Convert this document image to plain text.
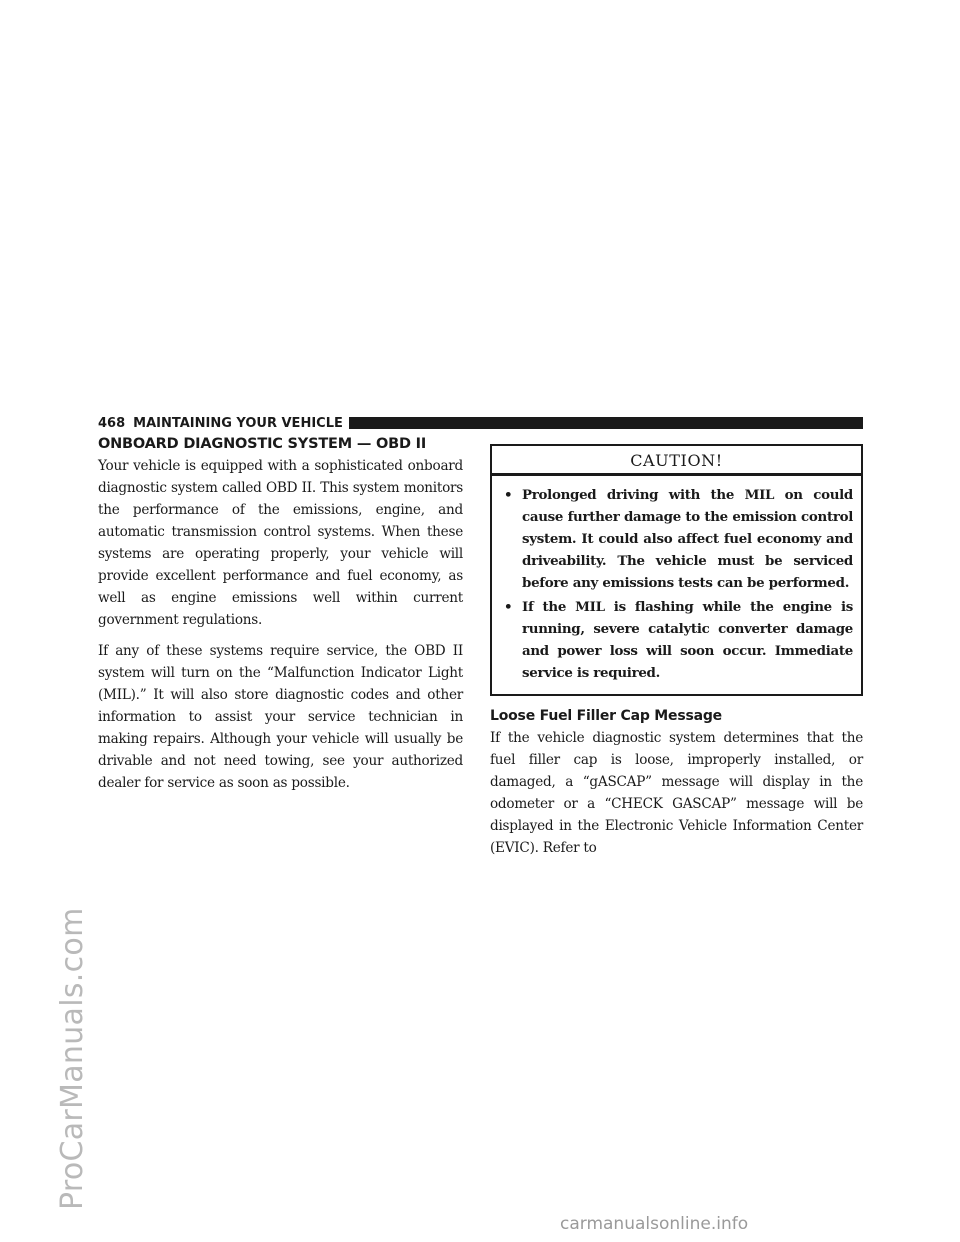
ProCarManuals.com
468 MAINTAINING YOUR VEHICLE
ONBOARD DIAGNOSTIC SYSTEM — OBD II

Your vehicle is equipped with a sophisticated onboard diagnostic system called OBD II. This system monitors the performance of the emissions, engine, and automatic transmission control systems. When these systems are operating properly, your vehicle will provide excellent performance and fuel economy, as well as engine emissions well within current government regulations.

If any of these systems require service, the OBD II system will turn on the “Malfunction Indicator Light (MIL).” It will also store diagnostic codes and other information to assist your service technician in making repairs. Although your vehicle will usually be drivable and not need towing, see your authorized dealer for service as soon as possible.

CAUTION!
• Prolonged driving with the MIL on could cause further damage to the emission control system. It could also affect fuel economy and driveability. The vehicle must be serviced before any emissions tests can be performed.
• If the MIL is flashing while the engine is running, severe catalytic converter damage and power loss will soon occur. Immediate service is required.
Loose Fuel Filler Cap Message

If the vehicle diagnostic system determines that the fuel filler cap is loose, improperly installed, or damaged, a “gASCAP” message will display in the odometer or a “CHECK GASCAP” message will be displayed in the Electronic Vehicle Information Center (EVIC). Refer to

carmanualsonline.info
